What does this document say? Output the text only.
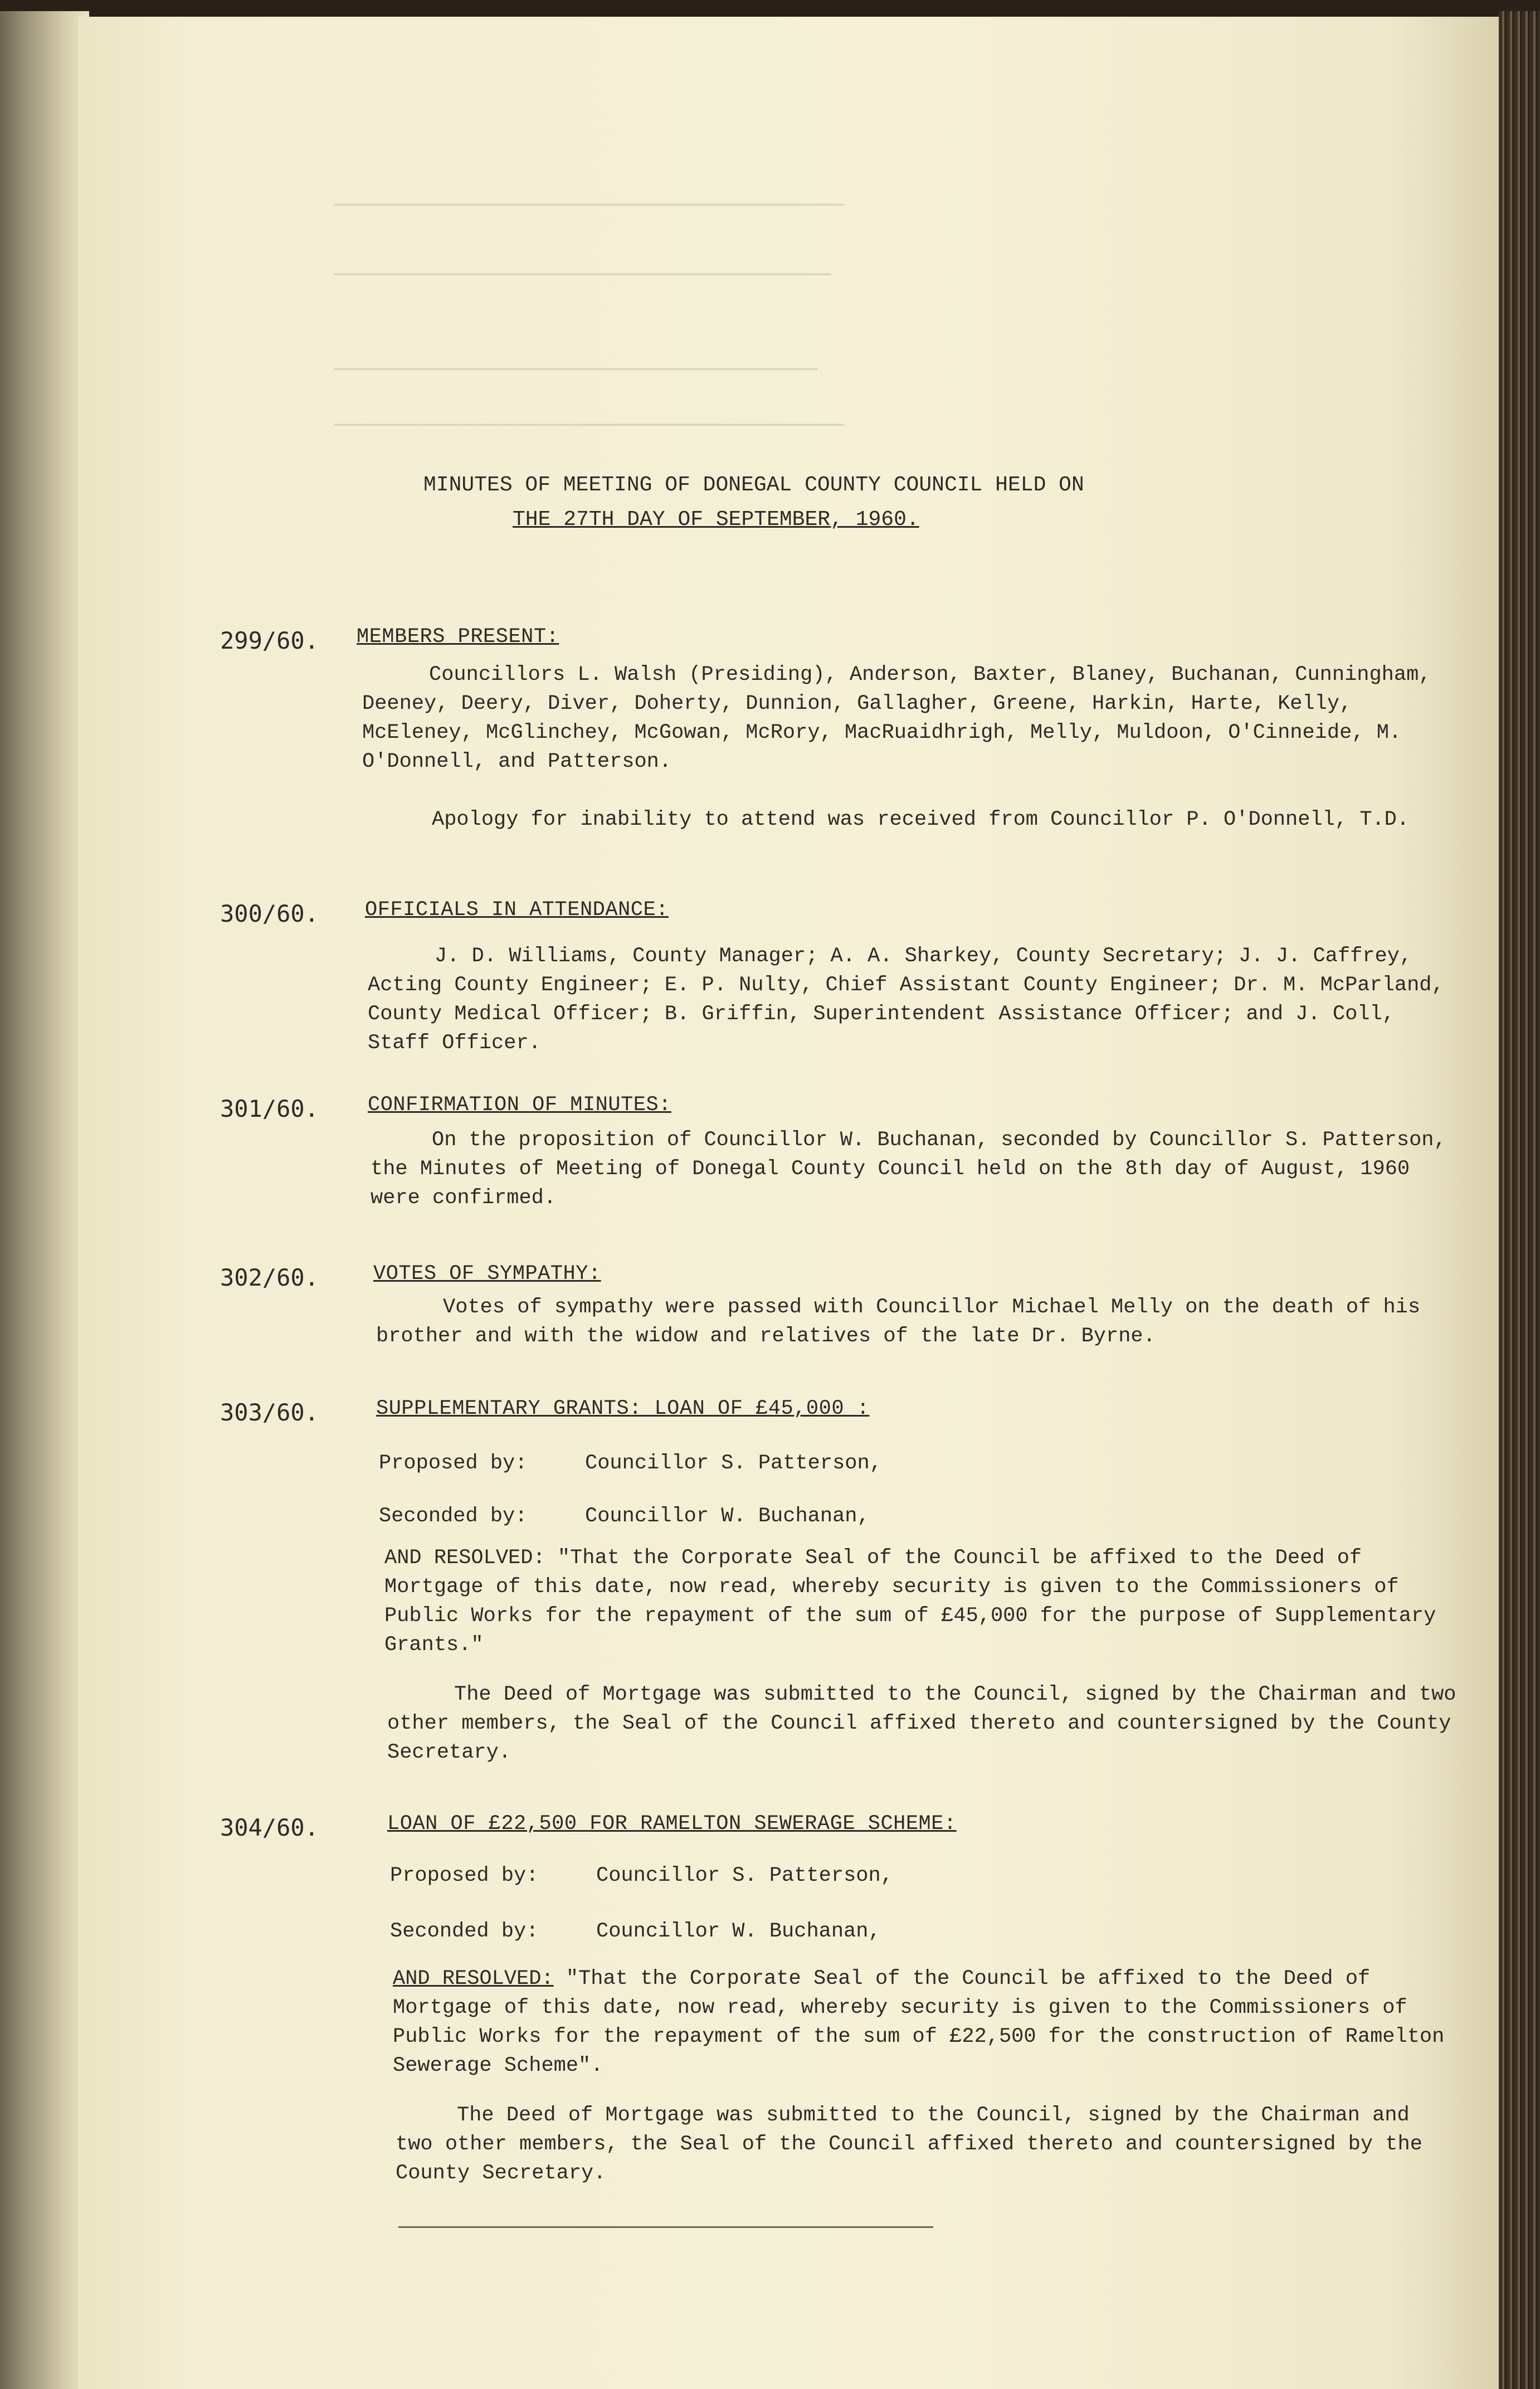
──────────────────────────────────────
─────────────────────────────────────
────────────────────────────────────
──────────────────────────────────────
MINUTES OF MEETING OF DONEGAL COUNTY COUNCIL HELD ON
THE 27TH DAY OF SEPTEMBER, 1960.
299/60. MEMBERS PRESENT:
Councillors L. Walsh (Presiding), Anderson, Baxter, Blaney, Buchanan, Cunningham, Deeney, Deery, Diver, Doherty, Dunnion, Gallagher, Greene, Harkin, Harte, Kelly, McEleney, McGlinchey, McGowan, McRory, MacRuaidhrigh, Melly, Muldoon, O'Cinneide, M. O'Donnell, and Patterson.
Apology for inability to attend was received from Councillor P. O'Donnell, T.D.
300/60. OFFICIALS IN ATTENDANCE:
J. D. Williams, County Manager; A. A. Sharkey, County Secretary; J. J. Caffrey, Acting County Engineer; E. P. Nulty, Chief Assistant County Engineer; Dr. M. McParland, County Medical Officer; B. Griffin, Superintendent Assistance Officer; and J. Coll, Staff Officer.
301/60. CONFIRMATION OF MINUTES:
On the proposition of Councillor W. Buchanan, seconded by Councillor S. Patterson, the Minutes of Meeting of Donegal County Council held on the 8th day of August, 1960 were confirmed.
302/60.	VOTES OF SYMPATHY:
Votes of sympathy were passed with Councillor Michael Melly on the death of his brother and with the widow and relatives of the late Dr. Byrne.
303/60.	SUPPLEMENTARY GRANTS: LOAN OF £45,000 :
Proposed by:	Councillor S. Patterson,
Seconded by:	Councillor W. Buchanan,
AND RESOLVED: "That the Corporate Seal of the Council be affixed to the Deed of Mortgage of this date, now read, whereby security is given to the Commissioners of Public Works for the repayment of the sum of £45,000 for the purpose of Supplementary Grants."
The Deed of Mortgage was submitted to the Council, signed by the Chairman and two other members, the Seal of the Council affixed thereto and countersigned by the County Secretary.
304/60.	LOAN OF £22,500 FOR RAMELTON SEWERAGE SCHEME:
Proposed by:	Councillor S. Patterson,
Seconded by:	Councillor W. Buchanan,
AND RESOLVED: "That the Corporate Seal of the Council be affixed to the Deed of Mortgage of this date, now read, whereby security is given to the Commissioners of Public Works for the repayment of the sum of £22,500 for the construction of Ramelton Sewerage Scheme".
The Deed of Mortgage was submitted to the Council, signed by the Chairman and two other members, the Seal of the Council affixed thereto and countersigned by the County Secretary.
